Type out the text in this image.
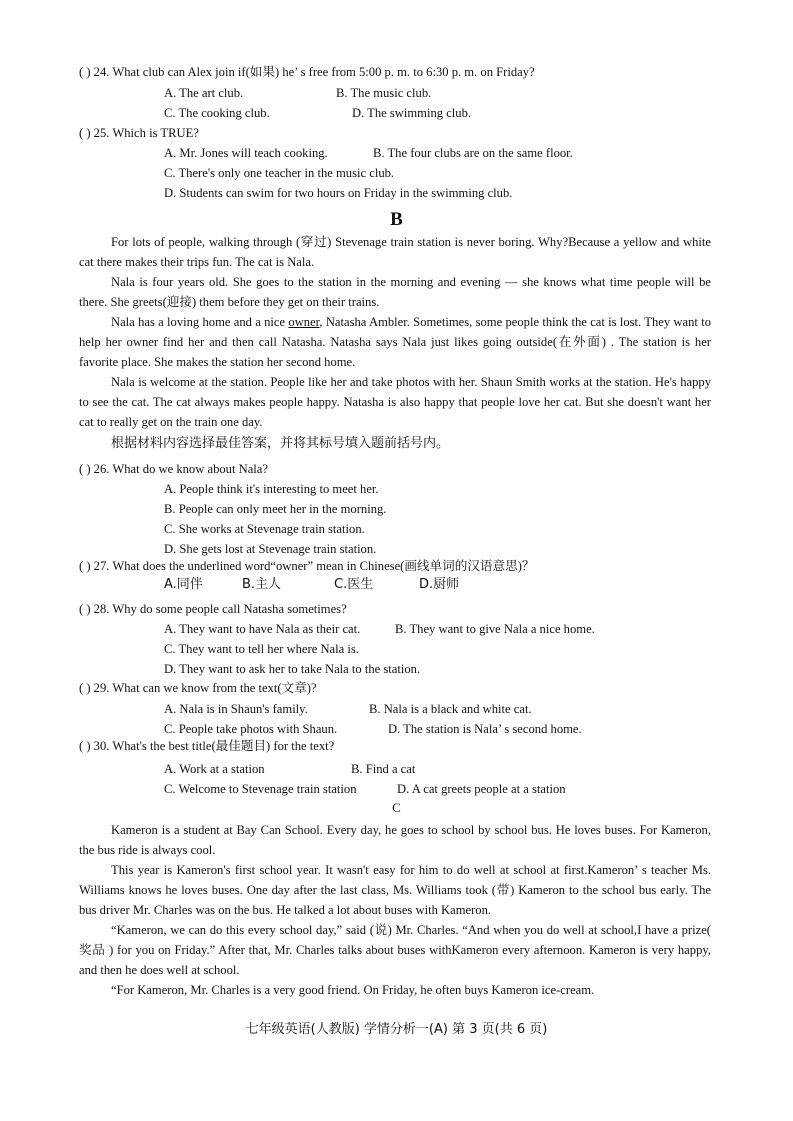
( ) 24. What club can Alex join if(如果) he’ s free from 5:00 p. m. to 6:30 p. m. on Friday?
A. The art club.	B. The music club.
C. The cooking club.	D. The swimming club.
( ) 25. Which is TRUE?
A. Mr. Jones will teach cooking.	B. The four clubs are on the same floor.
C. There's only one teacher in the music club.
D. Students can swim for two hours on Friday in the swimming club.
B

For lots of people, walking through (穿过) Stevenage train station is never boring. Why?Because a yellow and white cat there makes their trips fun. The cat is Nala.

Nala is four years old. She goes to the station in the morning and evening — she knows what time people will be there. She greets(迎接) them before they get on their trains.

Nala has a loving home and a nice owner, Natasha Ambler. Sometimes, some people think the cat is lost. They want to help her owner find her and then call Natasha. Natasha says Nala just likes going outside(在外面) . The station is her favorite place. She makes the station her second home.

Nala is welcome at the station. People like her and take photos with her. Shaun Smith works at the station. He's happy to see the cat. The cat always makes people happy. Natasha is also happy that people love her cat. But she doesn't want her cat to really get on the train one day.

根据材料内容选择最佳答案，并将其标号填入题前括号内。
( ) 26. What do we know about Nala?
A. People think it's interesting to meet her.
B. People can only meet her in the morning.
C. She works at Stevenage train station.
D. She gets lost at Stevenage train station.
( ) 27. What does the underlined word“owner” mean in Chinese(画线单词的汉语意思)？
A.同伴	B.主人	C.医生	D.厨师
( ) 28. Why do some people call Natasha sometimes?
A. They want to have Nala as their cat.	B. They want to give Nala a nice home.
C. They want to tell her where Nala is.
D. They want to ask her to take Nala to the station.
( ) 29. What can we know from the text(文章)?
A. Nala is in Shaun's family.	B. Nala is a black and white cat.
C. People take photos with Shaun.	D. The station is Nala’ s second home.
( ) 30. What's the best title(最佳题目) for the text?
A. Work at a station	B. Find a cat
C. Welcome to Stevenage train station	D. A cat greets people at a station
C

Kameron is a student at Bay Can School. Every day, he goes to school by school bus. He loves buses. For Kameron, the bus ride is always cool.

This year is Kameron's first school year. It wasn't easy for him to do well at school at first.Kameron’ s teacher Ms. Williams knows he loves buses. One day after the last class, Ms. Williams took (带) Kameron to the school bus early. The bus driver Mr. Charles was on the bus. He talked a lot about buses with Kameron.

“Kameron, we can do this every school day,” said (说) Mr. Charles. “And when you do well at school,I have a prize( 奖品 ) for you on Friday.” After that, Mr. Charles talks about buses withKameron every afternoon. Kameron is very happy, and then he does well at school.

“For Kameron, Mr. Charles is a very good friend. On Friday, he often buys Kameron ice-cream.

七年级英语(人教版) 学情分析一(A) 第 3 页(共 6 页)
